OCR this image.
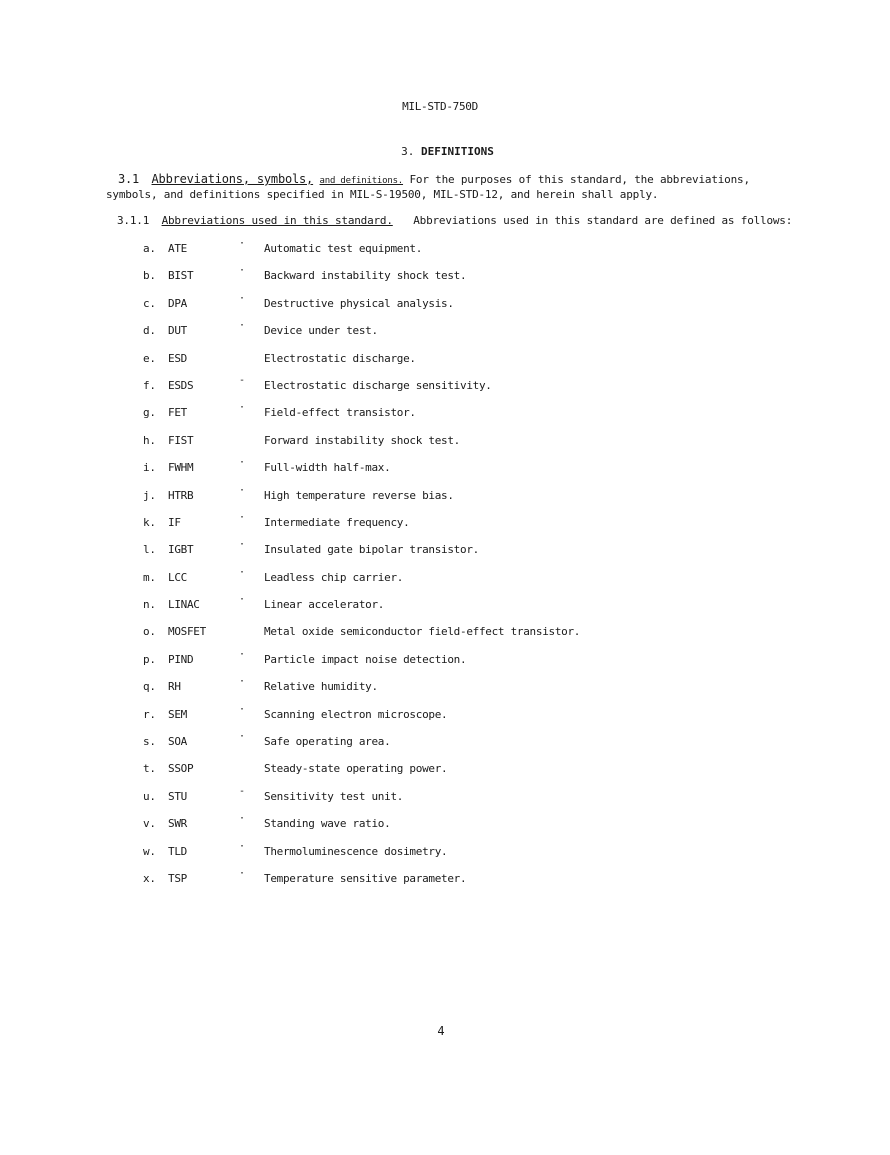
MIL-STD-750D
3. DEFINITIONS
3.1 Abbreviations, symbols, and definitions. For the purposes of this standard, the abbreviations, symbols, and definitions specified in MIL-S-19500, MIL-STD-12, and herein shall apply.
3.1.1 Abbreviations used in this standard. Abbreviations used in this standard are defined as follows:
a. ATE	· Automatic test equipment.
b. BIST	· Backward instability shock test.
c. DPA	· Destructive physical analysis.
d. DUT	· Device under test.
e. ESD	Electrostatic discharge.
f. ESDS	- Electrostatic discharge sensitivity.
g. FET	· Field-effect transistor.
h. FIST	Forward instability shock test.
i. FWHM	· Full-width half-max.
j. HTRB	· High temperature reverse bias.
k. IF	· Intermediate frequency.
l. IGBT	· Insulated gate bipolar transistor.
m. LCC	· Leadless chip carrier.
n. LINAC	· Linear accelerator.
o. MOSFET	Metal oxide semiconductor field-effect transistor.
p. PIND	· Particle impact noise detection.
q. RH	· Relative humidity.
r. SEM	· Scanning electron microscope.
s. SOA	· Safe operating area.
t. SSOP	Steady-state operating power.
u. STU	- Sensitivity test unit.
v. SWR	· Standing wave ratio.
w. TLD	· Thermoluminescence dosimetry.
x. TSP	· Temperature sensitive parameter.
4
